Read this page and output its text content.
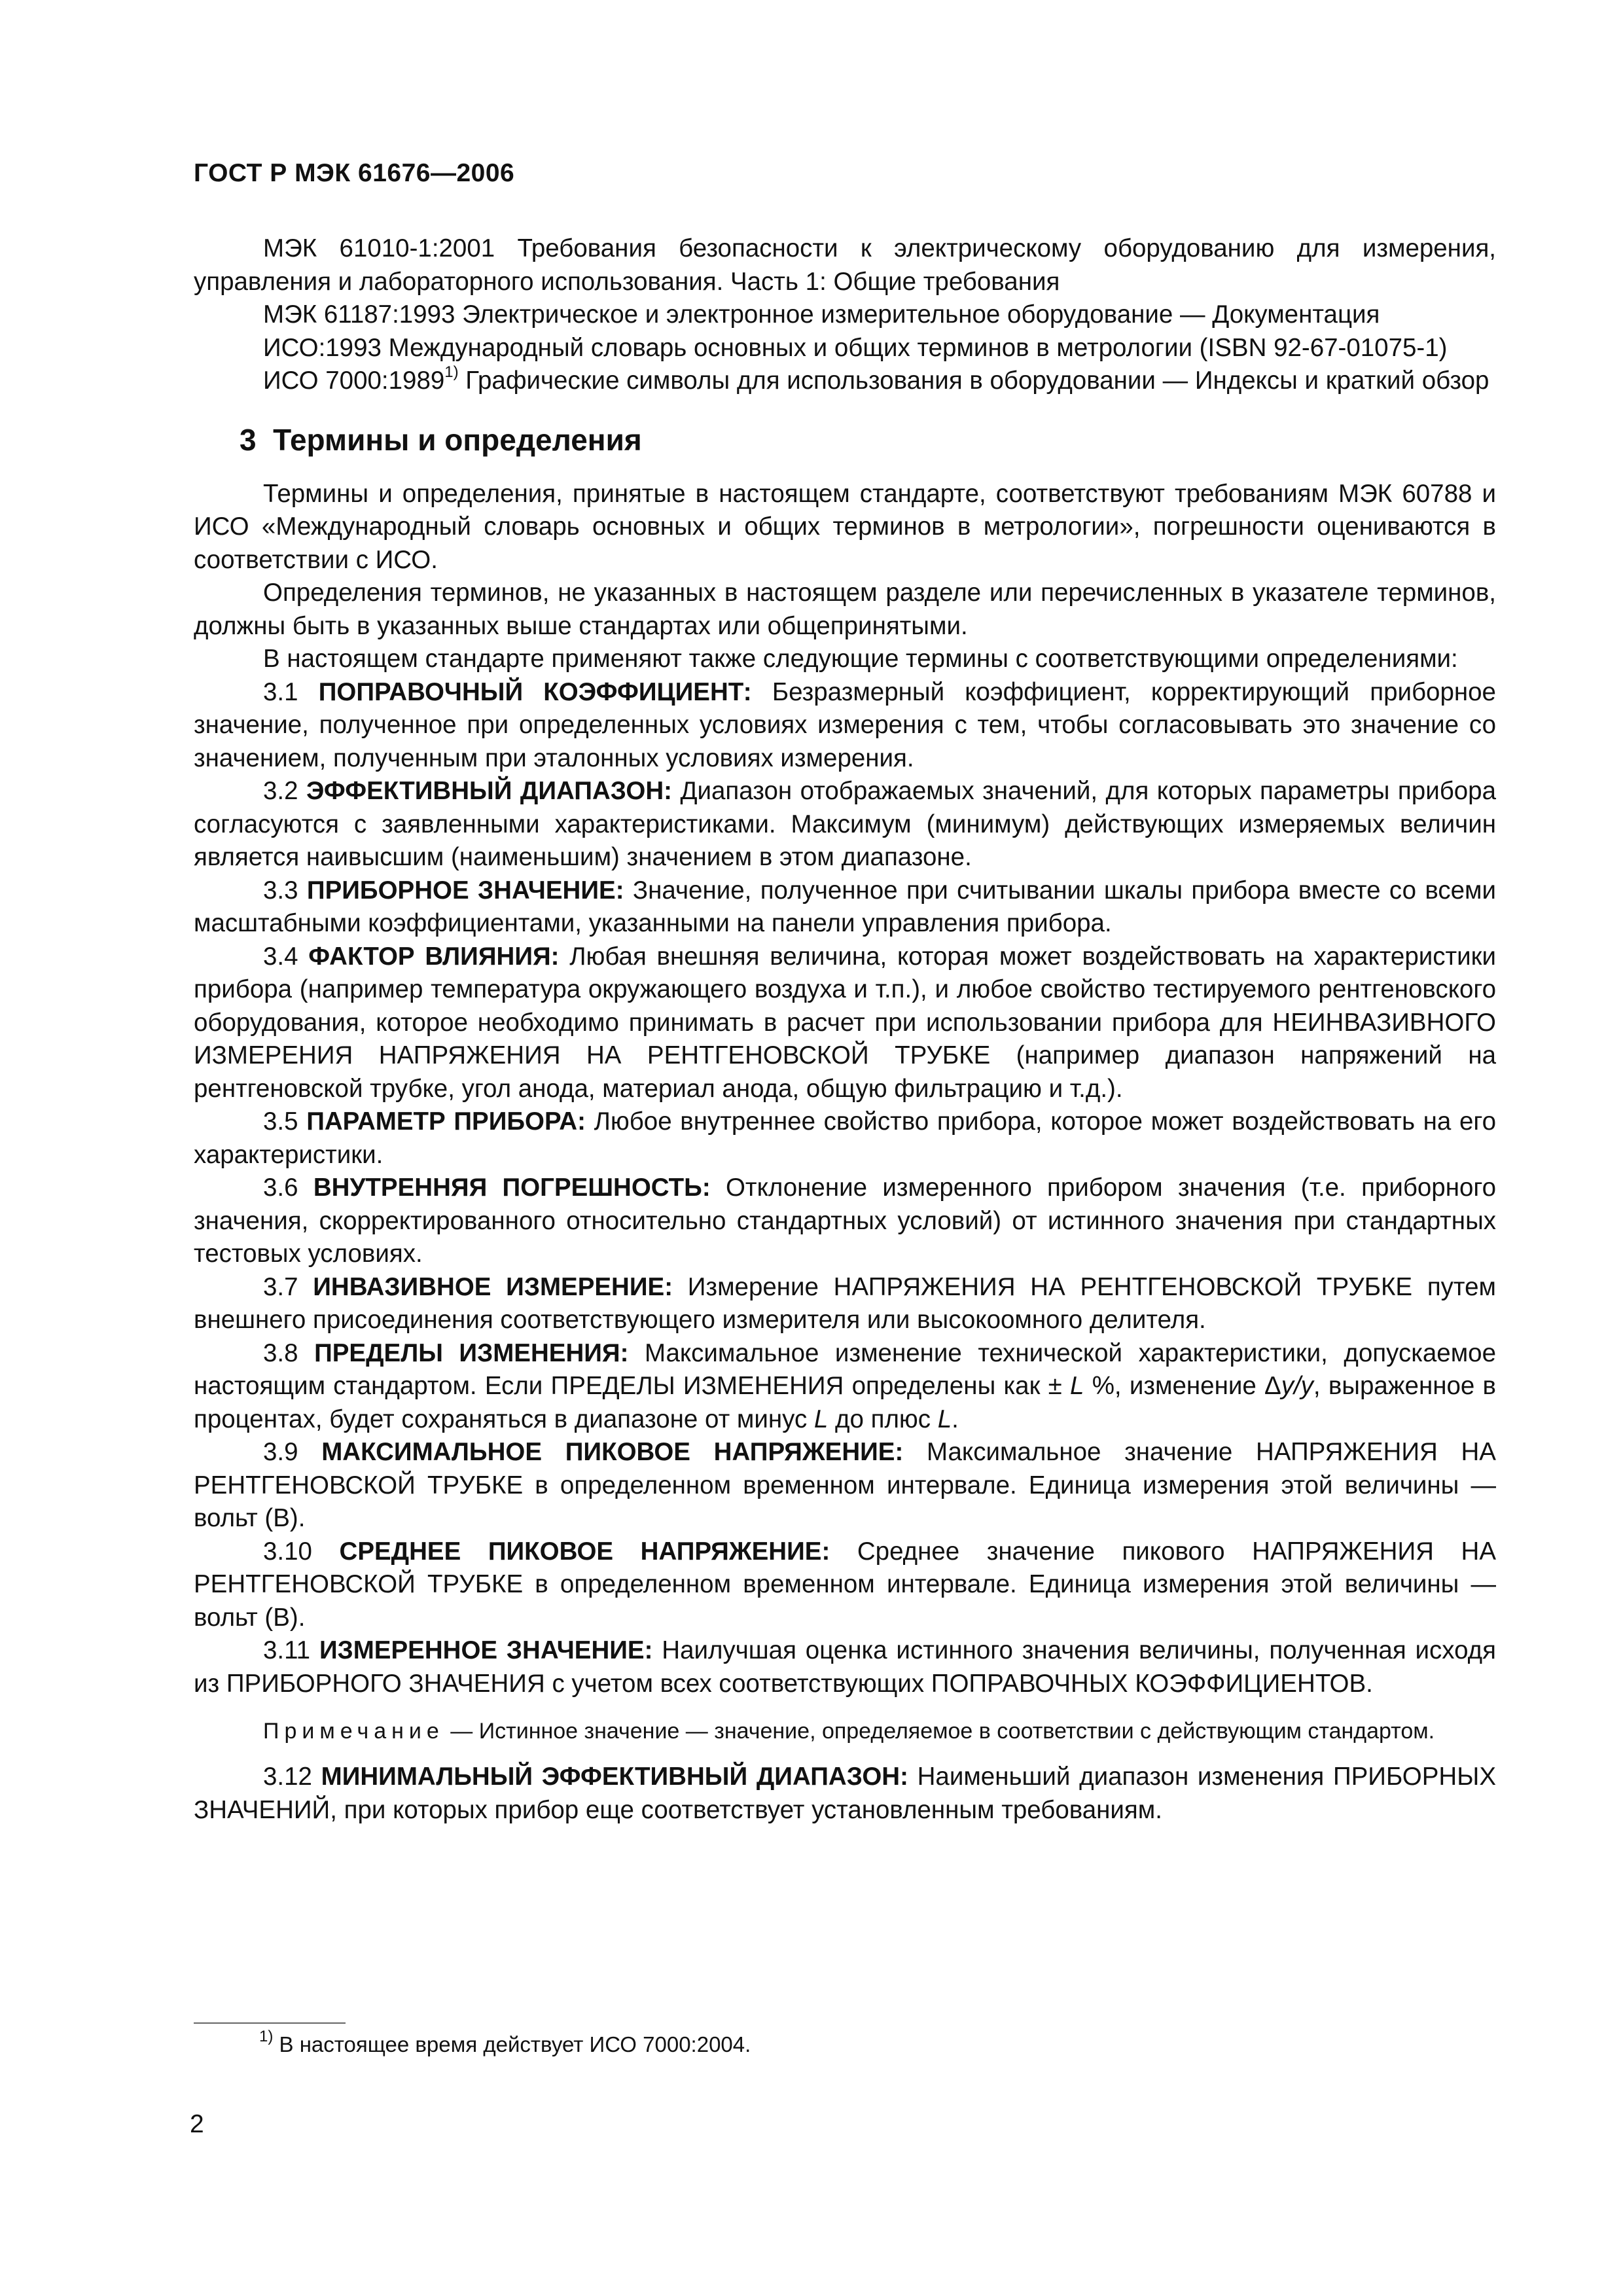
ГОСТ Р МЭК 61676—2006

МЭК 61010-1:2001 Требования безопасности к электрическому оборудованию для измерения, управления и лабораторного использования. Часть 1: Общие требования

МЭК 61187:1993 Электрическое и электронное измерительное оборудование — Документация

ИСО:1993 Международный словарь основных и общих терминов в метрологии (ISBN 92-67-01075-1)

ИСО 7000:1989$^{1)}$ Графические символы для использования в оборудовании — Индексы и краткий обзор

3 Термины и определения

Термины и определения, принятые в настоящем стандарте, соответствуют требованиям МЭК 60788 и ИСО «Международный словарь основных и общих терминов в метрологии», погрешности оцениваются в соответствии с ИСО.

Определения терминов, не указанных в настоящем разделе или перечисленных в указателе терминов, должны быть в указанных выше стандартах или общепринятыми.

В настоящем стандарте применяют также следующие термины с соответствующими определениями:

3.1 ПОПРАВОЧНЫЙ КОЭФФИЦИЕНТ: Безразмерный коэффициент, корректирующий приборное значение, полученное при определенных условиях измерения с тем, чтобы согласовывать это значение со значением, полученным при эталонных условиях измерения.

3.2 ЭФФЕКТИВНЫЙ ДИАПАЗОН: Диапазон отображаемых значений, для которых параметры прибора согласуются с заявленными характеристиками. Максимум (минимум) действующих измеряемых величин является наивысшим (наименьшим) значением в этом диапазоне.

3.3 ПРИБОРНОЕ ЗНАЧЕНИЕ: Значение, полученное при считывании шкалы прибора вместе со всеми масштабными коэффициентами, указанными на панели управления прибора.

3.4 ФАКТОР ВЛИЯНИЯ: Любая внешняя величина, которая может воздействовать на характеристики прибора (например температура окружающего воздуха и т.п.), и любое свойство тестируемого рентгеновского оборудования, которое необходимо принимать в расчет при использовании прибора для НЕИНВАЗИВНОГО ИЗМЕРЕНИЯ НАПРЯЖЕНИЯ НА РЕНТГЕНОВСКОЙ ТРУБКЕ (например диапазон напряжений на рентгеновской трубке, угол анода, материал анода, общую фильтрацию и т.д.).

3.5 ПАРАМЕТР ПРИБОРА: Любое внутреннее свойство прибора, которое может воздействовать на его характеристики.

3.6 ВНУТРЕННЯЯ ПОГРЕШНОСТЬ: Отклонение измеренного прибором значения (т.е. приборного значения, скорректированного относительно стандартных условий) от истинного значения при стандартных тестовых условиях.

3.7 ИНВАЗИВНОЕ ИЗМЕРЕНИЕ: Измерение НАПРЯЖЕНИЯ НА РЕНТГЕНОВСКОЙ ТРУБКЕ путем внешнего присоединения соответствующего измерителя или высокоомного делителя.

3.8 ПРЕДЕЛЫ ИЗМЕНЕНИЯ: Максимальное изменение технической характеристики, допускаемое настоящим стандартом. Если ПРЕДЕЛЫ ИЗМЕНЕНИЯ определены как ± L %, изменение Δу/у, выраженное в процентах, будет сохраняться в диапазоне от минус L до плюс L.

3.9 МАКСИМАЛЬНОЕ ПИКОВОЕ НАПРЯЖЕНИЕ: Максимальное значение НАПРЯЖЕНИЯ НА РЕНТГЕНОВСКОЙ ТРУБКЕ в определенном временном интервале. Единица измерения этой величины — вольт (В).

3.10 СРЕДНЕЕ ПИКОВОЕ НАПРЯЖЕНИЕ: Среднее значение пикового НАПРЯЖЕНИЯ НА РЕНТГЕНОВСКОЙ ТРУБКЕ в определенном временном интервале. Единица измерения этой величины — вольт (В).

3.11 ИЗМЕРЕННОЕ ЗНАЧЕНИЕ: Наилучшая оценка истинного значения величины, полученная исходя из ПРИБОРНОГО ЗНАЧЕНИЯ с учетом всех соответствующих ПОПРАВОЧНЫХ КОЭФФИЦИЕНТОВ.

Примечание — Истинное значение — значение, определяемое в соответствии с действующим стандартом.

3.12 МИНИМАЛЬНЫЙ ЭФФЕКТИВНЫЙ ДИАПАЗОН: Наименьший диапазон изменения ПРИБОРНЫХ ЗНАЧЕНИЙ, при которых прибор еще соответствует установленным требованиям.

$^{1)}$ В настоящее время действует ИСО 7000:2004.
2
